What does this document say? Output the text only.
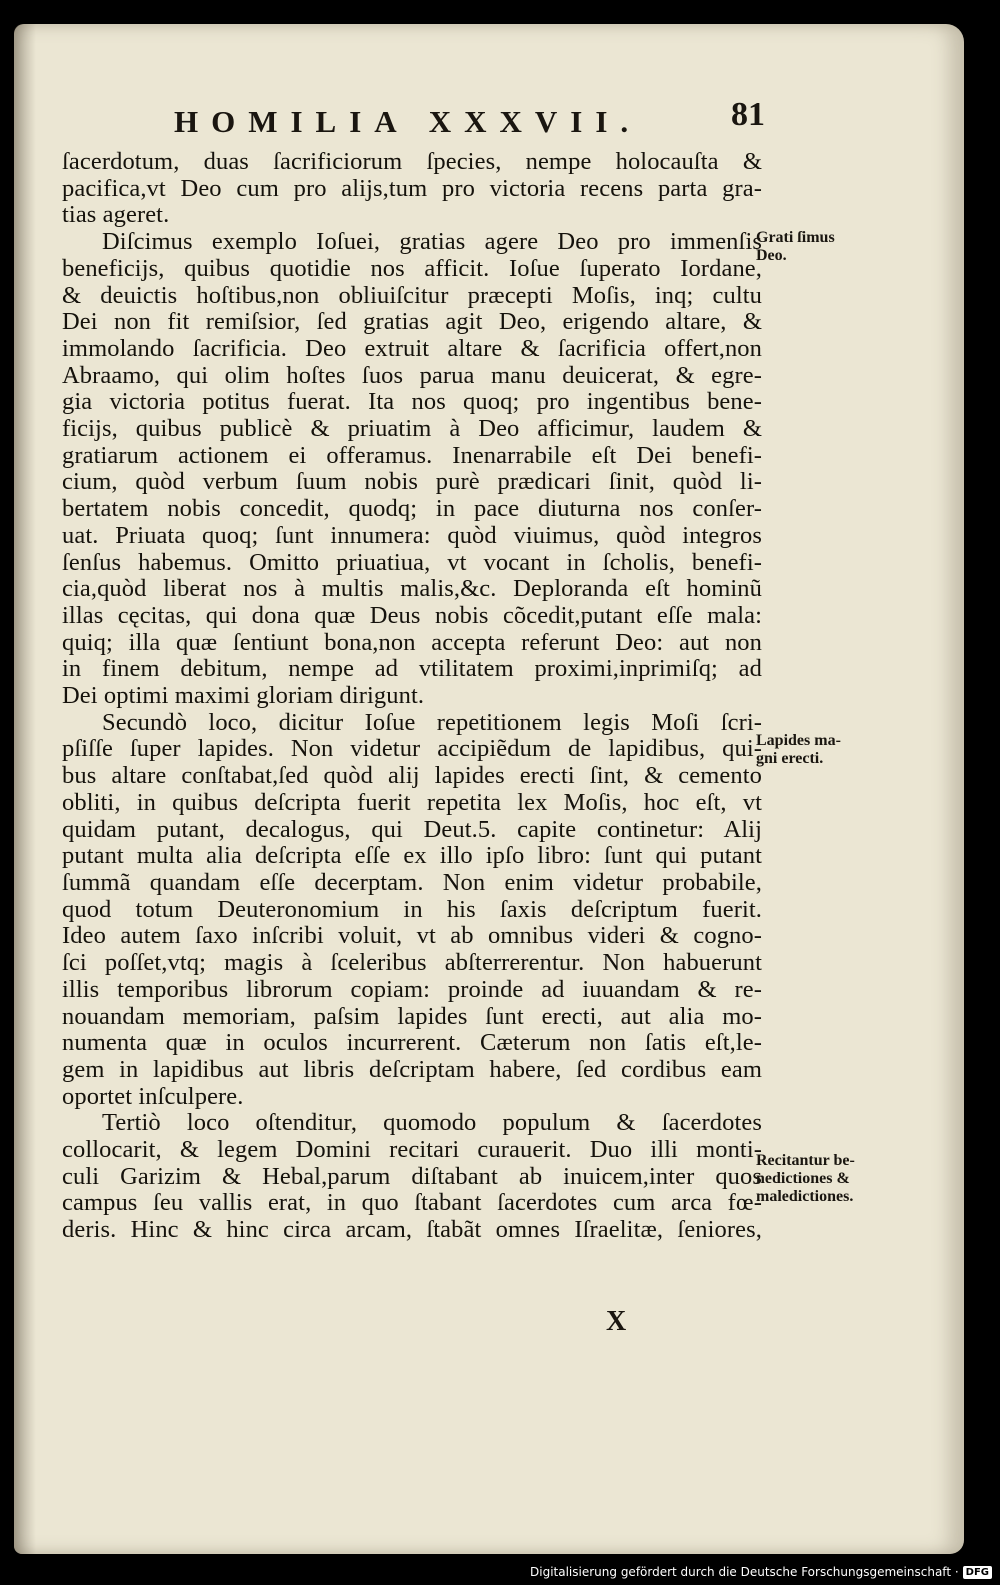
HOMILIA XXXVII.	81
ſacerdotum, duas ſacrificiorum ſpecies, nempe holocauſta &
pacifica,vt Deo cum pro alijs,tum pro victoria recens parta gra-
tias ageret.
Diſcimus exemplo Ioſuei, gratias agere Deo pro immenſis
beneficijs, quibus quotidie nos afficit. Ioſue ſuperato Iordane,
& deuictis hoſtibus,non obliuiſcitur præcepti Moſis, inq; cultu
Dei non fit remiſsior, ſed gratias agit Deo, erigendo altare, &
immolando ſacrificia. Deo extruit altare & ſacrificia offert,non
Abraamo, qui olim hoſtes ſuos parua manu deuicerat, & egre-
gia victoria potitus fuerat. Ita nos quoq; pro ingentibus bene-
ficijs, quibus publicè & priuatim à Deo afficimur, laudem &
gratiarum actionem ei offeramus. Inenarrabile eſt Dei benefi-
cium, quòd verbum ſuum nobis purè prædicari ſinit, quòd li-
bertatem nobis concedit, quodq; in pace diuturna nos conſer-
uat. Priuata quoq; ſunt innumera: quòd viuimus, quòd integros
ſenſus habemus. Omitto priuatiua, vt vocant in ſcholis, benefi-
cia,quòd liberat nos à multis malis,&c. Deploranda eſt hominũ
illas cęcitas, qui dona quæ Deus nobis cõcedit,putant eſſe mala:
quiq; illa quæ ſentiunt bona,non accepta referunt Deo: aut non
in finem debitum, nempe ad vtilitatem proximi,inprimiſq; ad
Dei optimi maximi gloriam dirigunt.
Secundò loco, dicitur Ioſue repetitionem legis Moſi ſcri-
pſiſſe ſuper lapides. Non videtur accipiẽdum de lapidibus, qui-
bus altare conſtabat,ſed quòd alij lapides erecti ſint, & cemento
obliti, in quibus deſcripta fuerit repetita lex Moſis, hoc eſt, vt
quidam putant, decalogus, qui Deut.5. capite continetur: Alij
putant multa alia deſcripta eſſe ex illo ipſo libro: ſunt qui putant
ſummã quandam eſſe decerptam. Non enim videtur probabile,
quod totum Deuteronomium in his ſaxis deſcriptum fuerit.
Ideo autem ſaxo inſcribi voluit, vt ab omnibus videri & cogno-
ſci poſſet,vtq; magis à ſceleribus abſterrerentur. Non habuerunt
illis temporibus librorum copiam: proinde ad iuuandam & re-
nouandam memoriam, paſsim lapides ſunt erecti, aut alia mo-
numenta quæ in oculos incurrerent. Cæterum non ſatis eſt,le-
gem in lapidibus aut libris deſcriptam habere, ſed cordibus eam
oportet inſculpere.
Tertiò loco oſtenditur, quomodo populum & ſacerdotes
collocarit, & legem Domini recitari curauerit. Duo illi monti-
culi Garizim & Hebal,parum diſtabant ab inuicem,inter quos
campus ſeu vallis erat, in quo ſtabant ſacerdotes cum arca fœ-
deris. Hinc & hinc circa arcam, ſtabãt omnes Iſraelitæ, ſeniores,
Grati ſimus
Deo.
Lapides ma-
gni erecti.
Recitantur be-
nedictiones &
maledictiones.
X
Digitalisierung gefördert durch die Deutsche Forschungsgemeinschaft · DFG
